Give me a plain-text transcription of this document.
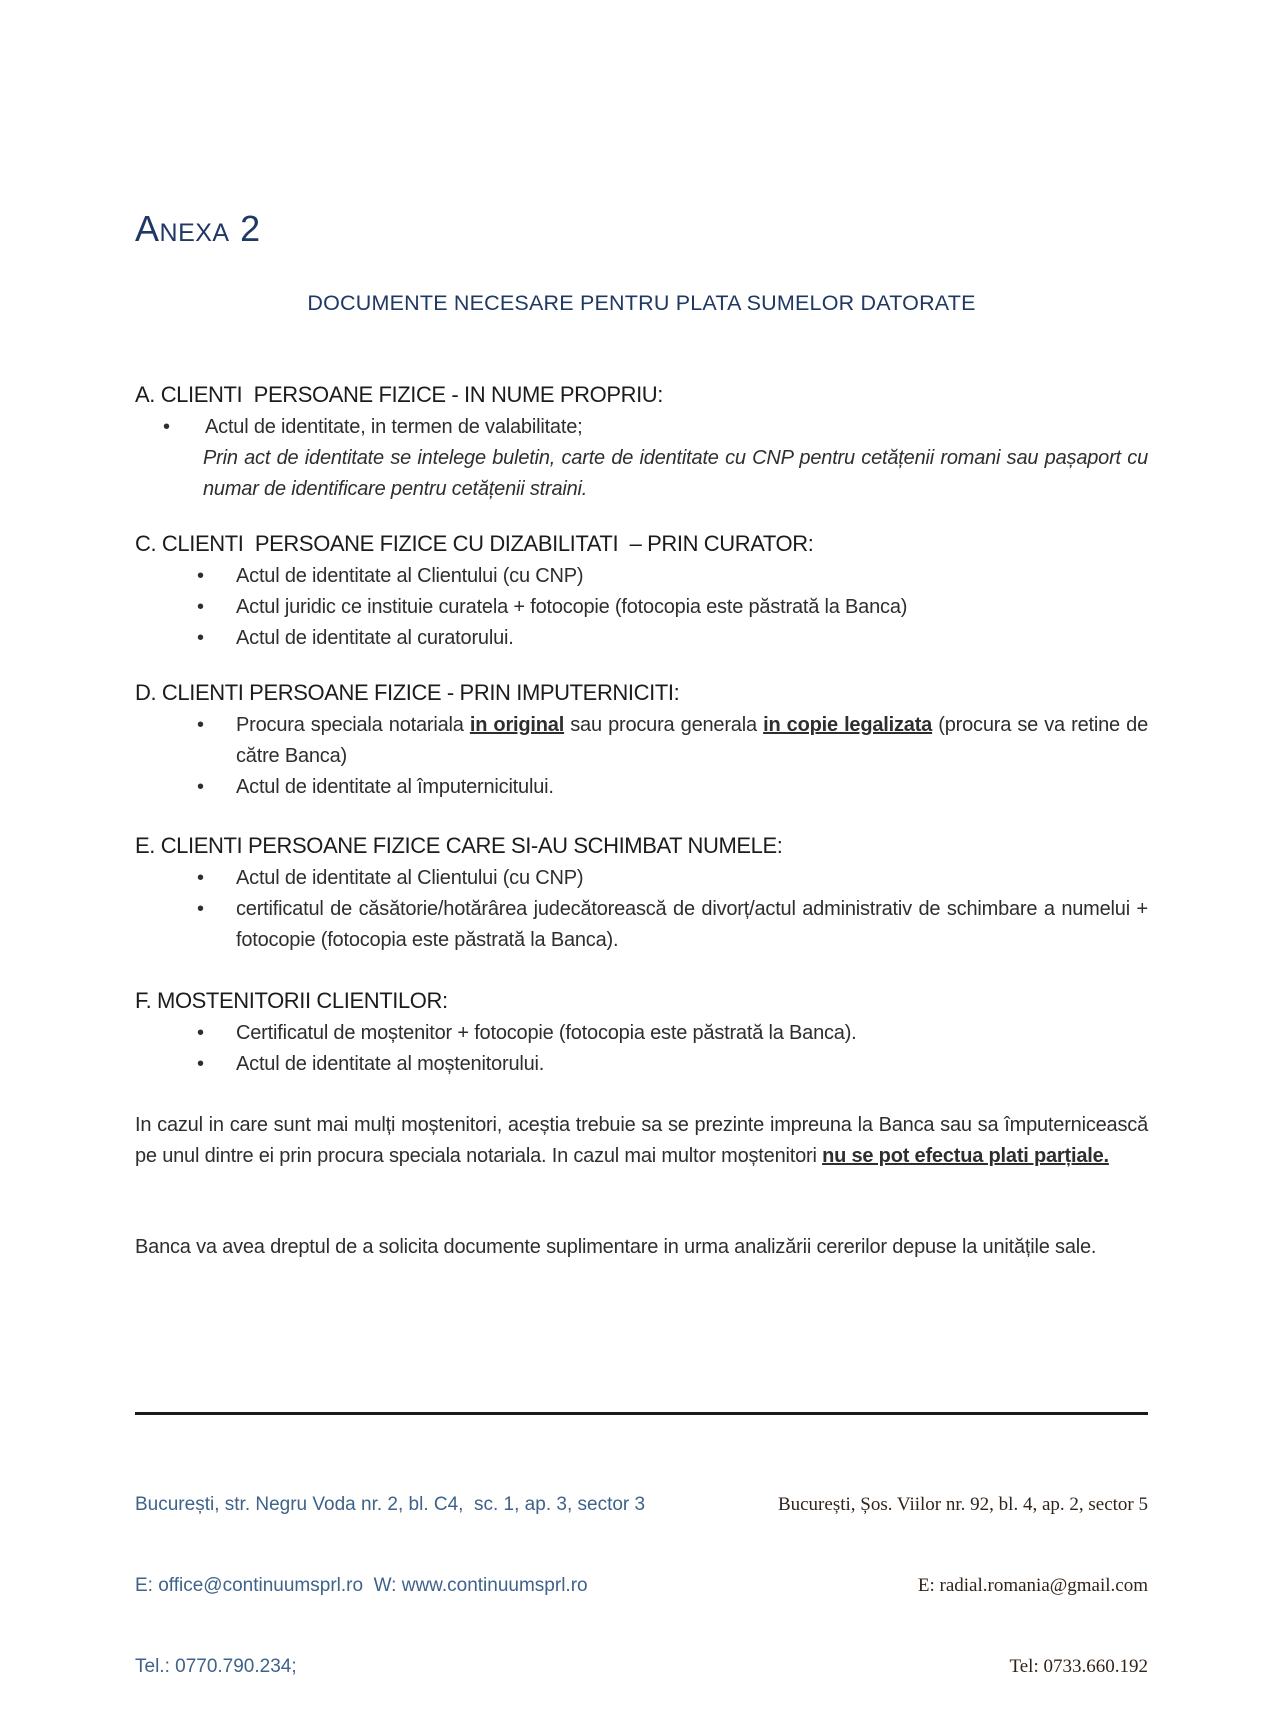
Anexa 2
DOCUMENTE NECESARE PENTRU PLATA SUMELOR DATORATE
A. CLIENTI  PERSOANE FIZICE - IN NUME PROPRIU:
• Actul de identitate, in termen de valabilitate;

Prin act de identitate se intelege buletin, carte de identitate cu CNP pentru cetățenii romani sau pașaport cu numar de identificare pentru cetățenii straini.

C. CLIENTI  PERSOANE FIZICE CU DIZABILITATI  – PRIN CURATOR:
• Actul de identitate al Clientului (cu CNP)
• Actul juridic ce instituie curatela + fotocopie (fotocopia este păstrată la Banca)
• Actul de identitate al curatorului.
D. CLIENTI PERSOANE FIZICE - PRIN IMPUTERNICITI:
• Procura speciala notariala in original sau procura generala in copie legalizata (procura se va retine de către Banca)
• Actul de identitate al împuternicitului.
E. CLIENTI PERSOANE FIZICE CARE SI-AU SCHIMBAT NUMELE:
• Actul de identitate al Clientului (cu CNP)
• certificatul de căsătorie/hotărârea judecătorească de divorț/actul administrativ de schimbare a numelui + fotocopie (fotocopia este păstrată la Banca).
F. MOSTENITORII CLIENTILOR:
• Certificatul de moștenitor + fotocopie (fotocopia este păstrată la Banca).
• Actul de identitate al moștenitorului.

In cazul in care sunt mai mulți moștenitori, aceștia trebuie sa se prezinte impreuna la Banca sau sa împuternicească pe unul dintre ei prin procura speciala notariala. In cazul mai multor moștenitori nu se pot efectua plati parțiale.

Banca va avea dreptul de a solicita documente suplimentare in urma analizării cererilor depuse la unitățile sale.

București, str. Negru Voda nr. 2, bl. C4,  sc. 1, ap. 3, sector 3

E: office@continuumsprl.ro  W: www.continuumsprl.ro

Tel.: 0770.790.234;

București, Șos. Viilor nr. 92, bl. 4, ap. 2, sector 5

E: radial.romania@gmail.com

Tel: 0733.660.192
